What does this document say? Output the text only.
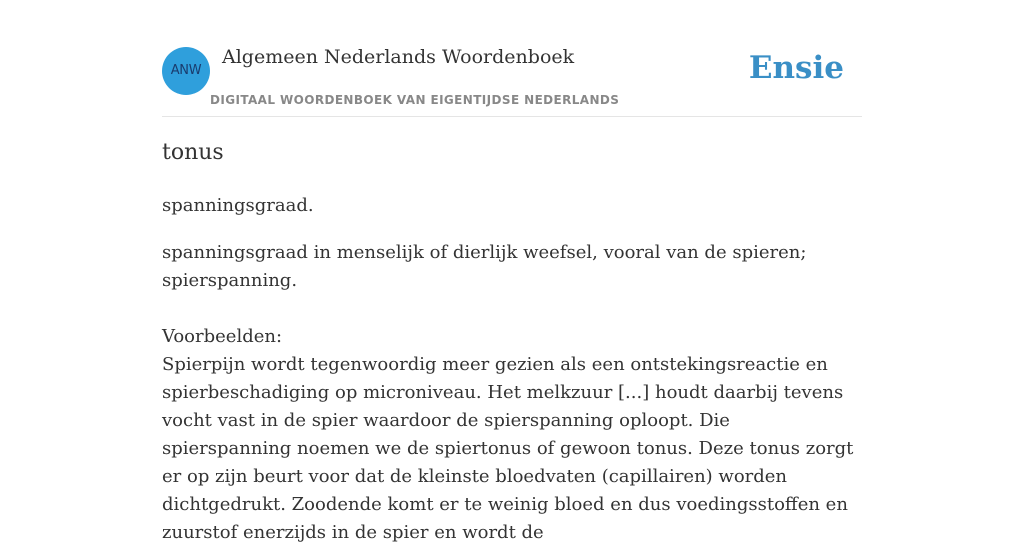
ANW
Algemeen Nederlands Woordenboek
DIGITAAL WOORDENBOEK VAN EIGENTIJDSE NEDERLANDS
Ensie
tonus

spanningsgraad.

spanningsgraad in menselijk of dierlijk weefsel, vooral van de spieren; spierspanning.

Voorbeelden:

Spierpijn wordt tegenwoordig meer gezien als een ontstekingsreactie en spierbeschadiging op microniveau. Het melkzuur [...] houdt daarbij tevens vocht vast in de spier waardoor de spierspanning oploopt. Die spierspanning noemen we de spiertonus of gewoon tonus. Deze tonus zorgt er op zijn beurt voor dat de kleinste bloedvaten (capillairen) worden dichtgedrukt. Zoodende komt er te weinig bloed en dus voedingsstoffen en zuurstof enerzijds in de spier en wordt de
